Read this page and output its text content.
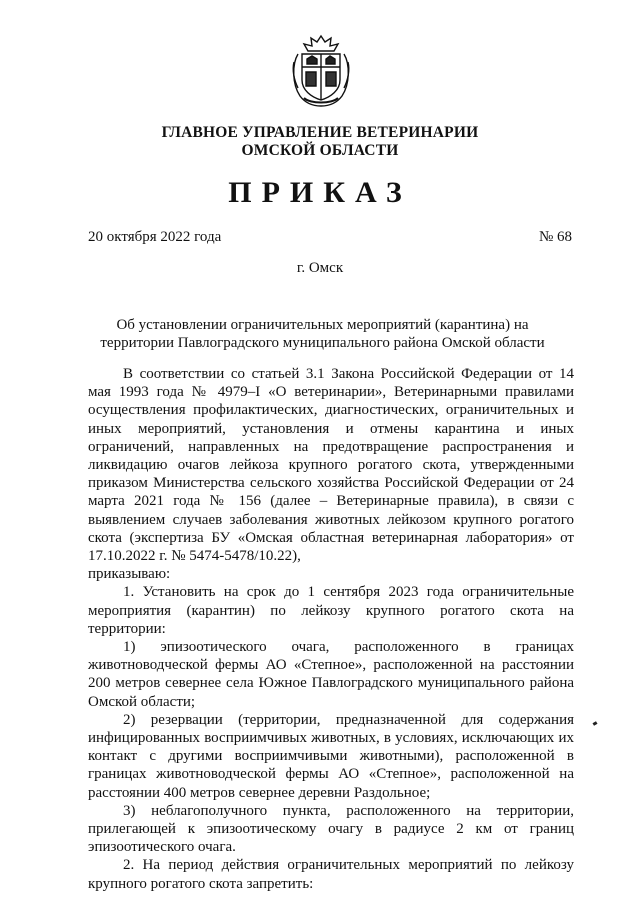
ГЛАВНОЕ УПРАВЛЕНИЕ ВЕТЕРИНАРИИ
ОМСКОЙ ОБЛАСТИ
ПРИКАЗ
20 октября 2022 года	№ 68
г. Омск
Об установлении ограничительных мероприятий (карантина) на территории Павлоградского муниципального района Омской области

В соответствии со статьей 3.1 Закона Российской Федерации от 14 мая 1993 года № 4979–I «О ветеринарии», Ветеринарными правилами осуществления профилактических, диагностических, ограничительных и иных мероприятий, установления и отмены карантина и иных ограничений, направленных на предотвращение распространения и ликвидацию очагов лейкоза крупного рогатого скота, утвержденными приказом Министерства сельского хозяйства Российской Федерации от 24 марта 2021 года № 156 (далее – Ветеринарные правила), в связи с выявлением случаев заболевания животных лейкозом крупного рогатого скота (экспертиза БУ «Омская областная ветеринарная лаборатория» от 17.10.2022 г. № 5474-5478/10.22),

приказываю:

1. Установить на срок до 1 сентября 2023 года ограничительные мероприятия (карантин) по лейкозу крупного рогатого скота на территории:

1) эпизоотического очага, расположенного в границах животноводческой фермы АО «Степное», расположенной на расстоянии 200 метров севернее села Южное Павлоградского муниципального района Омской области;

2) резервации (территории, предназначенной для содержания инфицированных восприимчивых животных, в условиях, исключающих их контакт с другими восприимчивыми животными), расположенной в границах животноводческой фермы АО «Степное», расположенной на расстоянии 400 метров севернее деревни Раздольное;

3) неблагополучного пункта, расположенного на территории, прилегающей к эпизоотическому очагу в радиусе 2 км от границ эпизоотического очага.

2. На период действия ограничительных мероприятий по лейкозу крупного рогатого скота запретить:
